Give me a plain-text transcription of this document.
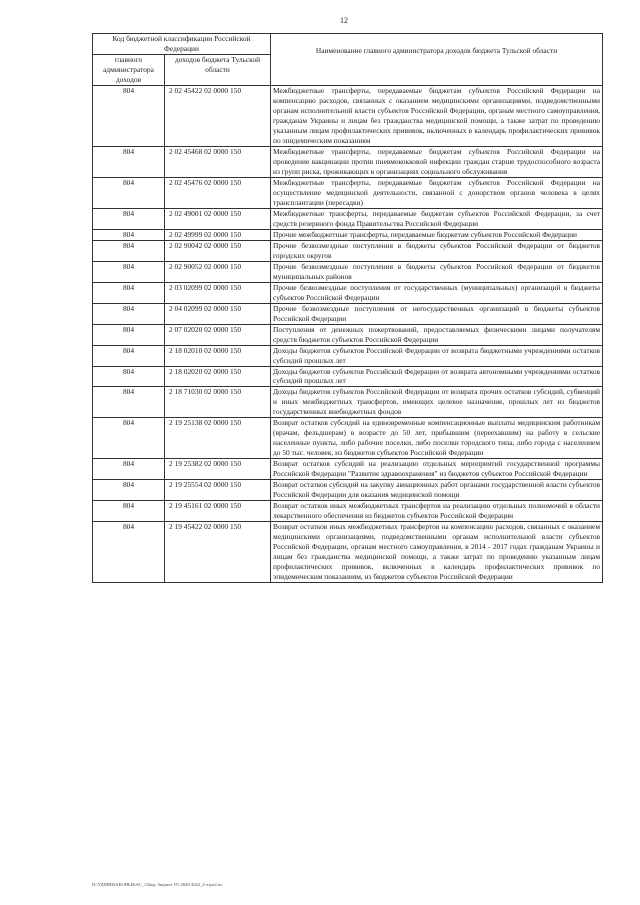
12
Код бюджетной классификации Российской Федерации		Наименование главного администратора доходов бюджета Тульской области
главного администратора доходов	доходов бюджета Тульской области	
804	2 02 45422 02 0000 150	Межбюджетные трансферты, передаваемые бюджетам субъектов Российской Федерации на компенсацию расходов, связанных с оказанием медицинскими организациями, подведомственными органам исполнительной власти субъектов Российской Федерации, органам местного самоуправления, гражданам Украины и лицам без гражданства медицинской помощи, а также затрат по проведению указанным лицам профилактических прививок, включенных в календарь профилактических прививок по эпидемическим показаниям
804	2 02 45468 02 0000 150	Межбюджетные трансферты, передаваемые бюджетам субъектов Российской Федерации на проведение вакцинации против пневмококковой инфекции граждан старше трудоспособного возраста из групп риска, проживающих в организациях социального обслуживания
804	2 02 45476 02 0000 150	Межбюджетные трансферты, передаваемые бюджетам субъектов Российской Федерации на осуществление медицинской деятельности, связанной с донорством органов человека в целях трансплантации (пересадки)
804	2 02 49001 02 0000 150	Межбюджетные трансферты, передаваемые бюджетам субъектов Российской Федерации, за счет средств резервного фонда Правительства Российской Федерации
804	2 02 49999 02 0000 150	Прочие межбюджетные трансферты, передаваемые бюджетам субъектов Российской Федерации
804	2 02 90042 02 0000 150	Прочие безвозмездные поступления в бюджеты субъектов Российской Федерации от бюджетов городских округов
804	2 02 90052 02 0000 150	Прочие безвозмездные поступления в бюджеты субъектов Российской Федерации от бюджетов муниципальных районов
804	2 03 02099 02 0000 150	Прочие безвозмездные поступления от государственных (муниципальных) организаций в бюджеты субъектов Российской Федерации
804	2 04 02099 02 0000 150	Прочие безвозмездные поступления от негосударственных организаций в бюджеты субъектов Российской Федерации
804	2 07 02020 02 0000 150	Поступления от денежных пожертвований, предоставляемых физическими лицами получателям средств бюджетов субъектов Российской Федерации
804	2 18 02010 02 0000 150	Доходы бюджетов субъектов Российской Федерации от возврата бюджетными учреждениями остатков субсидий прошлых лет
804	2 18 02020 02 0000 150	Доходы бюджетов субъектов Российской Федерации от возврата автономными учреждениями остатков субсидий прошлых лет
804	2 18 71030 02 0000 150	Доходы бюджетов субъектов Российской Федерации от возврата прочих остатков субсидий, субвенций и иных межбюджетных трансфертов, имеющих целевое назначение, прошлых лет из бюджетов государственных внебюджетных фондов
804	2 19 25138 02 0000 150	Возврат остатков субсидий на единовременные компенсационные выплаты медицинским работникам (врачам, фельдшерам) в возрасте до 50 лет, прибывшим (переехавшим) на работу в сельские населенные пункты, либо рабочие поселки, либо поселки городского типа, либо города с населением до 50 тыс. человек, из бюджетов субъектов Российской Федерации
804	2 19 25382 02 0000 150	Возврат остатков субсидий на реализацию отдельных мероприятий государственной программы Российской Федерации "Развитие здравоохранения" из бюджетов субъектов Российской Федерации
804	2 19 25554 02 0000 150	Возврат остатков субсидий на закупку авиационных работ органами государственной власти субъектов Российской Федерации для оказания медицинской помощи
804	2 19 45161 02 0000 150	Возврат остатков иных межбюджетных трансфертов на реализацию отдельных полномочий в области лекарственного обеспечения из бюджетов субъектов Российской Федерации
804	2 19 45422 02 0000 150	Возврат остатков иных межбюджетных трансфертов на компенсацию расходов, связанных с оказанием медицинскими организациями, подведомственными органам исполнительной власти субъектов Российской Федерации, органам местного самоуправления, в 2014 - 2017 годах гражданам Украины и лицам без гражданства медицинской помощи, а также затрат по проведению указанным лицам профилактических прививок, включенных в календарь профилактических прививок по эпидемическим показаниям, из бюджетов субъектов Российской Федерации
D:\УДПВИЗАКОНЫ\БАС_1\Бюд. бюджет ТО 2020-2022_2-чтрз2.rtc
